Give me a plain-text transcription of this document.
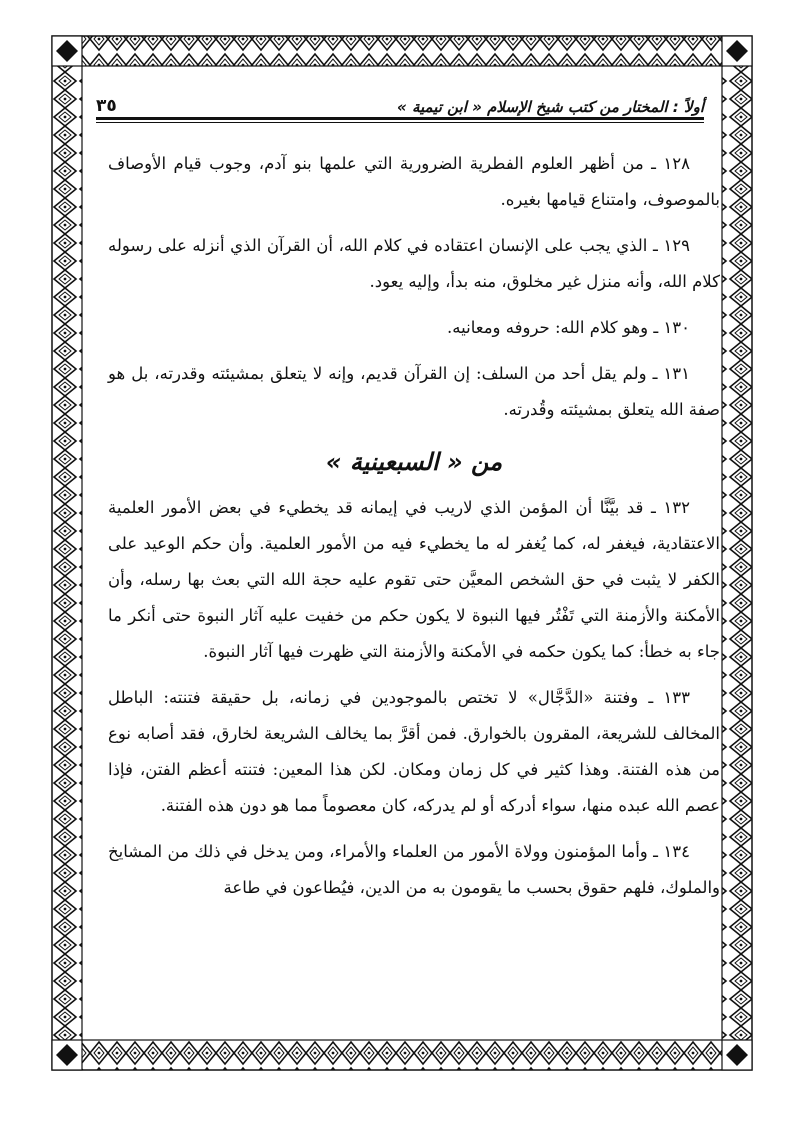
أولاً : المختار من كتب شيخ الإسلام « ابن تيمية »
٣٥

١٢٨ ـ من أظهر العلوم الفطرية الضرورية التي علمها بنو آدم، وجوب قيام الأوصاف بالموصوف، وامتناع قيامها بغيره.

١٢٩ ـ الذي يجب على الإنسان اعتقاده في كلام الله، أن القرآن الذي أنزله على رسوله كلام الله، وأنه منزل غير مخلوق، منه بدأ، وإليه يعود.

١٣٠ ـ وهو كلام الله: حروفه ومعانيه.

١٣١ ـ ولم يقل أحد من السلف: إن القرآن قديم، وإنه لا يتعلق بمشيئته وقدرته، بل هو صفة الله يتعلق بمشيئته وقُدرته.

من « السبعينية »

١٣٢ ـ قد بيَّنَّا أن المؤمن الذي لاريب في إيمانه قد يخطيء في بعض الأمور العلمية الاعتقادية، فيغفر له، كما يُغفر له ما يخطيء فيه من الأمور العلمية. وأن حكم الوعيد على الكفر لا يثبت في حق الشخص المعيَّن حتى تقوم عليه حجة الله التي بعث بها رسله، وأن الأمكنة والأزمنة التي تَفْتُر فيها النبوة لا يكون حكم من خفيت عليه آثار النبوة حتى أنكر ما جاء به خطأ: كما يكون حكمه في الأمكنة والأزمنة التي ظهرت فيها آثار النبوة.

١٣٣ ـ وفتنة «الدَّجَّال» لا تختص بالموجودين في زمانه، بل حقيقة فتنته: الباطل المخالف للشريعة، المقرون بالخوارق. فمن أقرَّ بما يخالف الشريعة لخارق، فقد أصابه نوع من هذه الفتنة. وهذا كثير في كل زمان ومكان. لكن هذا المعين: فتنته أعظم الفتن، فإذا عصم الله عبده منها، سواء أدركه أو لم يدركه، كان معصوماً مما هو دون هذه الفتنة.

١٣٤ ـ وأما المؤمنون وولاة الأمور من العلماء والأمراء، ومن يدخل في ذلك من المشايخ والملوك، فلهم حقوق بحسب ما يقومون به من الدين، فيُطاعون في طاعة
